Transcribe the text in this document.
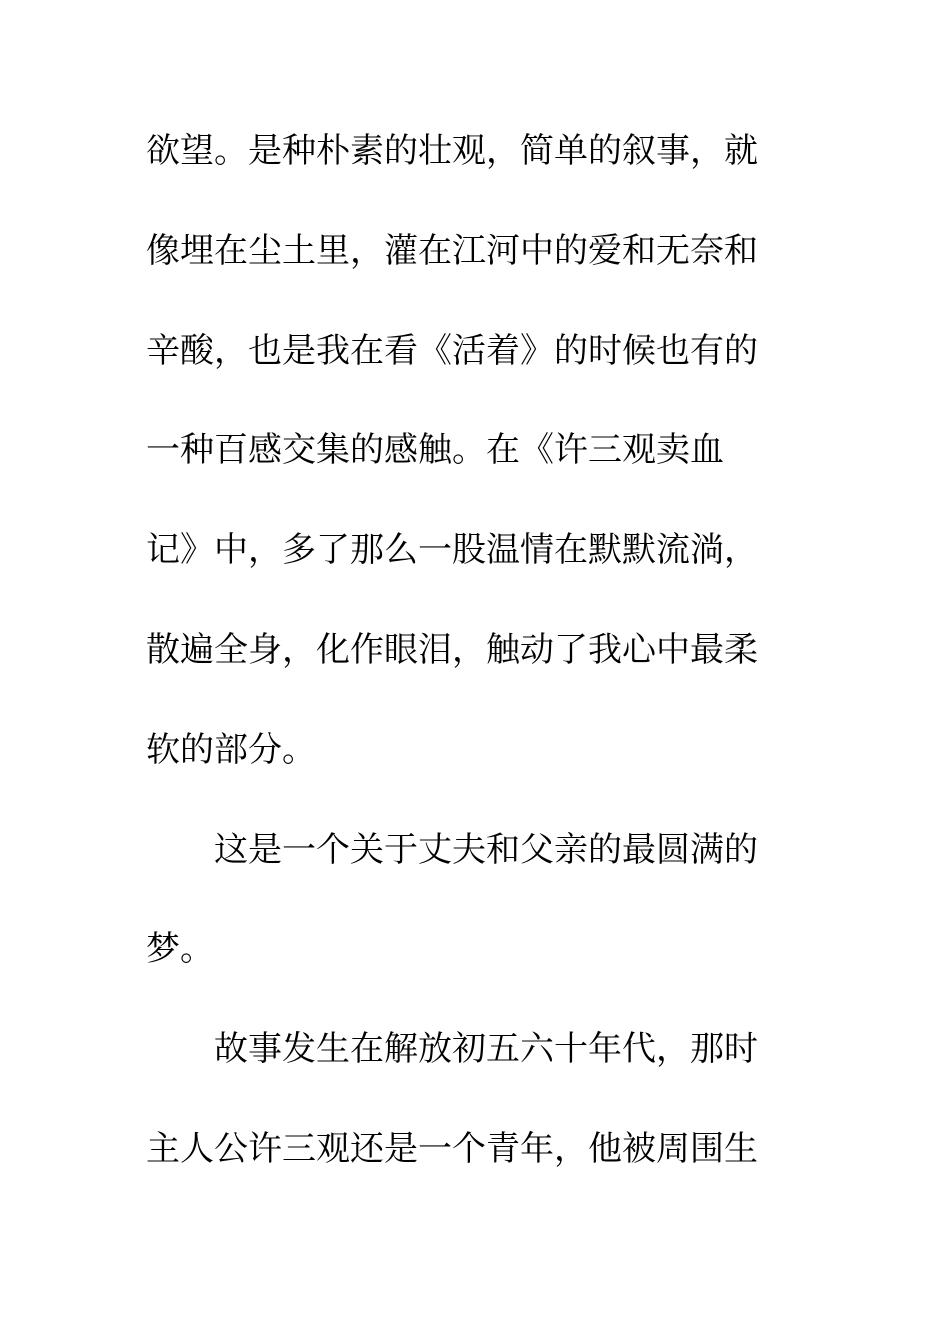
欲望。是种朴素的壮观，简单的叙事，就
像埋在尘土里，灌在江河中的爱和无奈和
辛酸，也是我在看《活着》的时候也有的
一种百感交集的感触。在《许三观卖血
记》中，多了那么一股温情在默默流淌，
散遍全身，化作眼泪，触动了我心中最柔
软的部分。
这是一个关于丈夫和父亲的最圆满的
梦。
故事发生在解放初五六十年代，那时
主人公许三观还是一个青年，他被周围生
